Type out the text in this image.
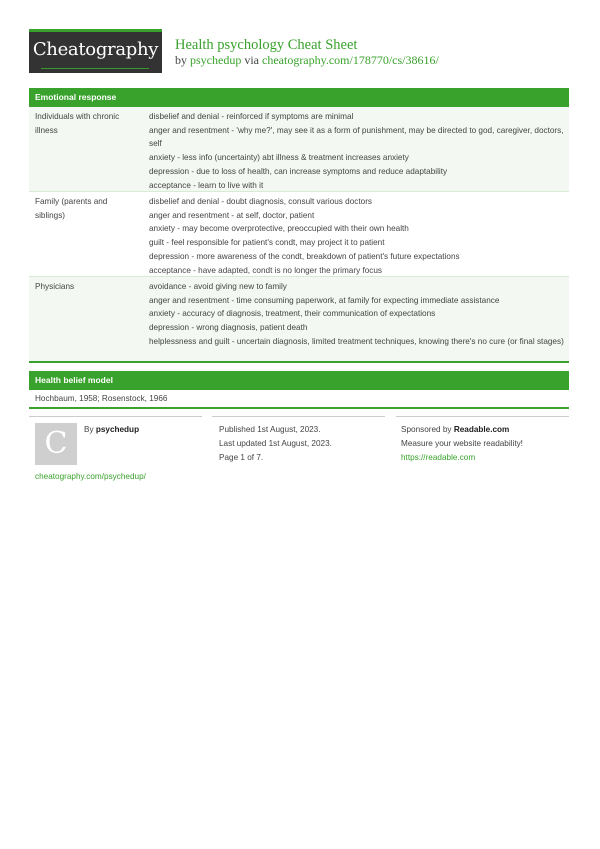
Cheatography Health psychology Cheat Sheet
by psychedup via cheatography.com/178770/cs/38616/
Emotional response
Individuals with chronic illness
disbelief and denial - reinforced if symptoms are minimal
anger and resentment - 'why me?', may see it as a form of punishment, may be directed to god, caregiver, doctors, self
anxiety - less info (uncertainty) abt illness & treatment increases anxiety
depression - due to loss of health, can increase symptoms and reduce adaptability
acceptance - learn to live with it
Family (parents and siblings)
disbelief and denial - doubt diagnosis, consult various doctors
anger and resentment - at self, doctor, patient
anxiety - may become overprotective, preoccupied with their own health
guilt - feel responsible for patient's condt, may project it to patient
depression - more awareness of the condt, breakdown of patient's future expectations
acceptance - have adapted, condt is no longer the primary focus
Physicians	avoidance - avoid giving new to family
anger and resentment - time consuming paperwork, at family for expecting immediate assistance
anxiety - accuracy of diagnosis, treatment, their communication of expectations
depression - wrong diagnosis, patient death
helplessness and guilt - uncertain diagnosis, limited treatment techniques, knowing there's no cure (or final stages)
Health belief model
Hochbaum, 1958; Rosenstock, 1966
C	By psychedup
cheatography.com/psychedup/
Published 1st August, 2023.
Last updated 1st August, 2023.
Page 1 of 7.
Sponsored by Readable.com
Measure your website readability!
https://readable.com
